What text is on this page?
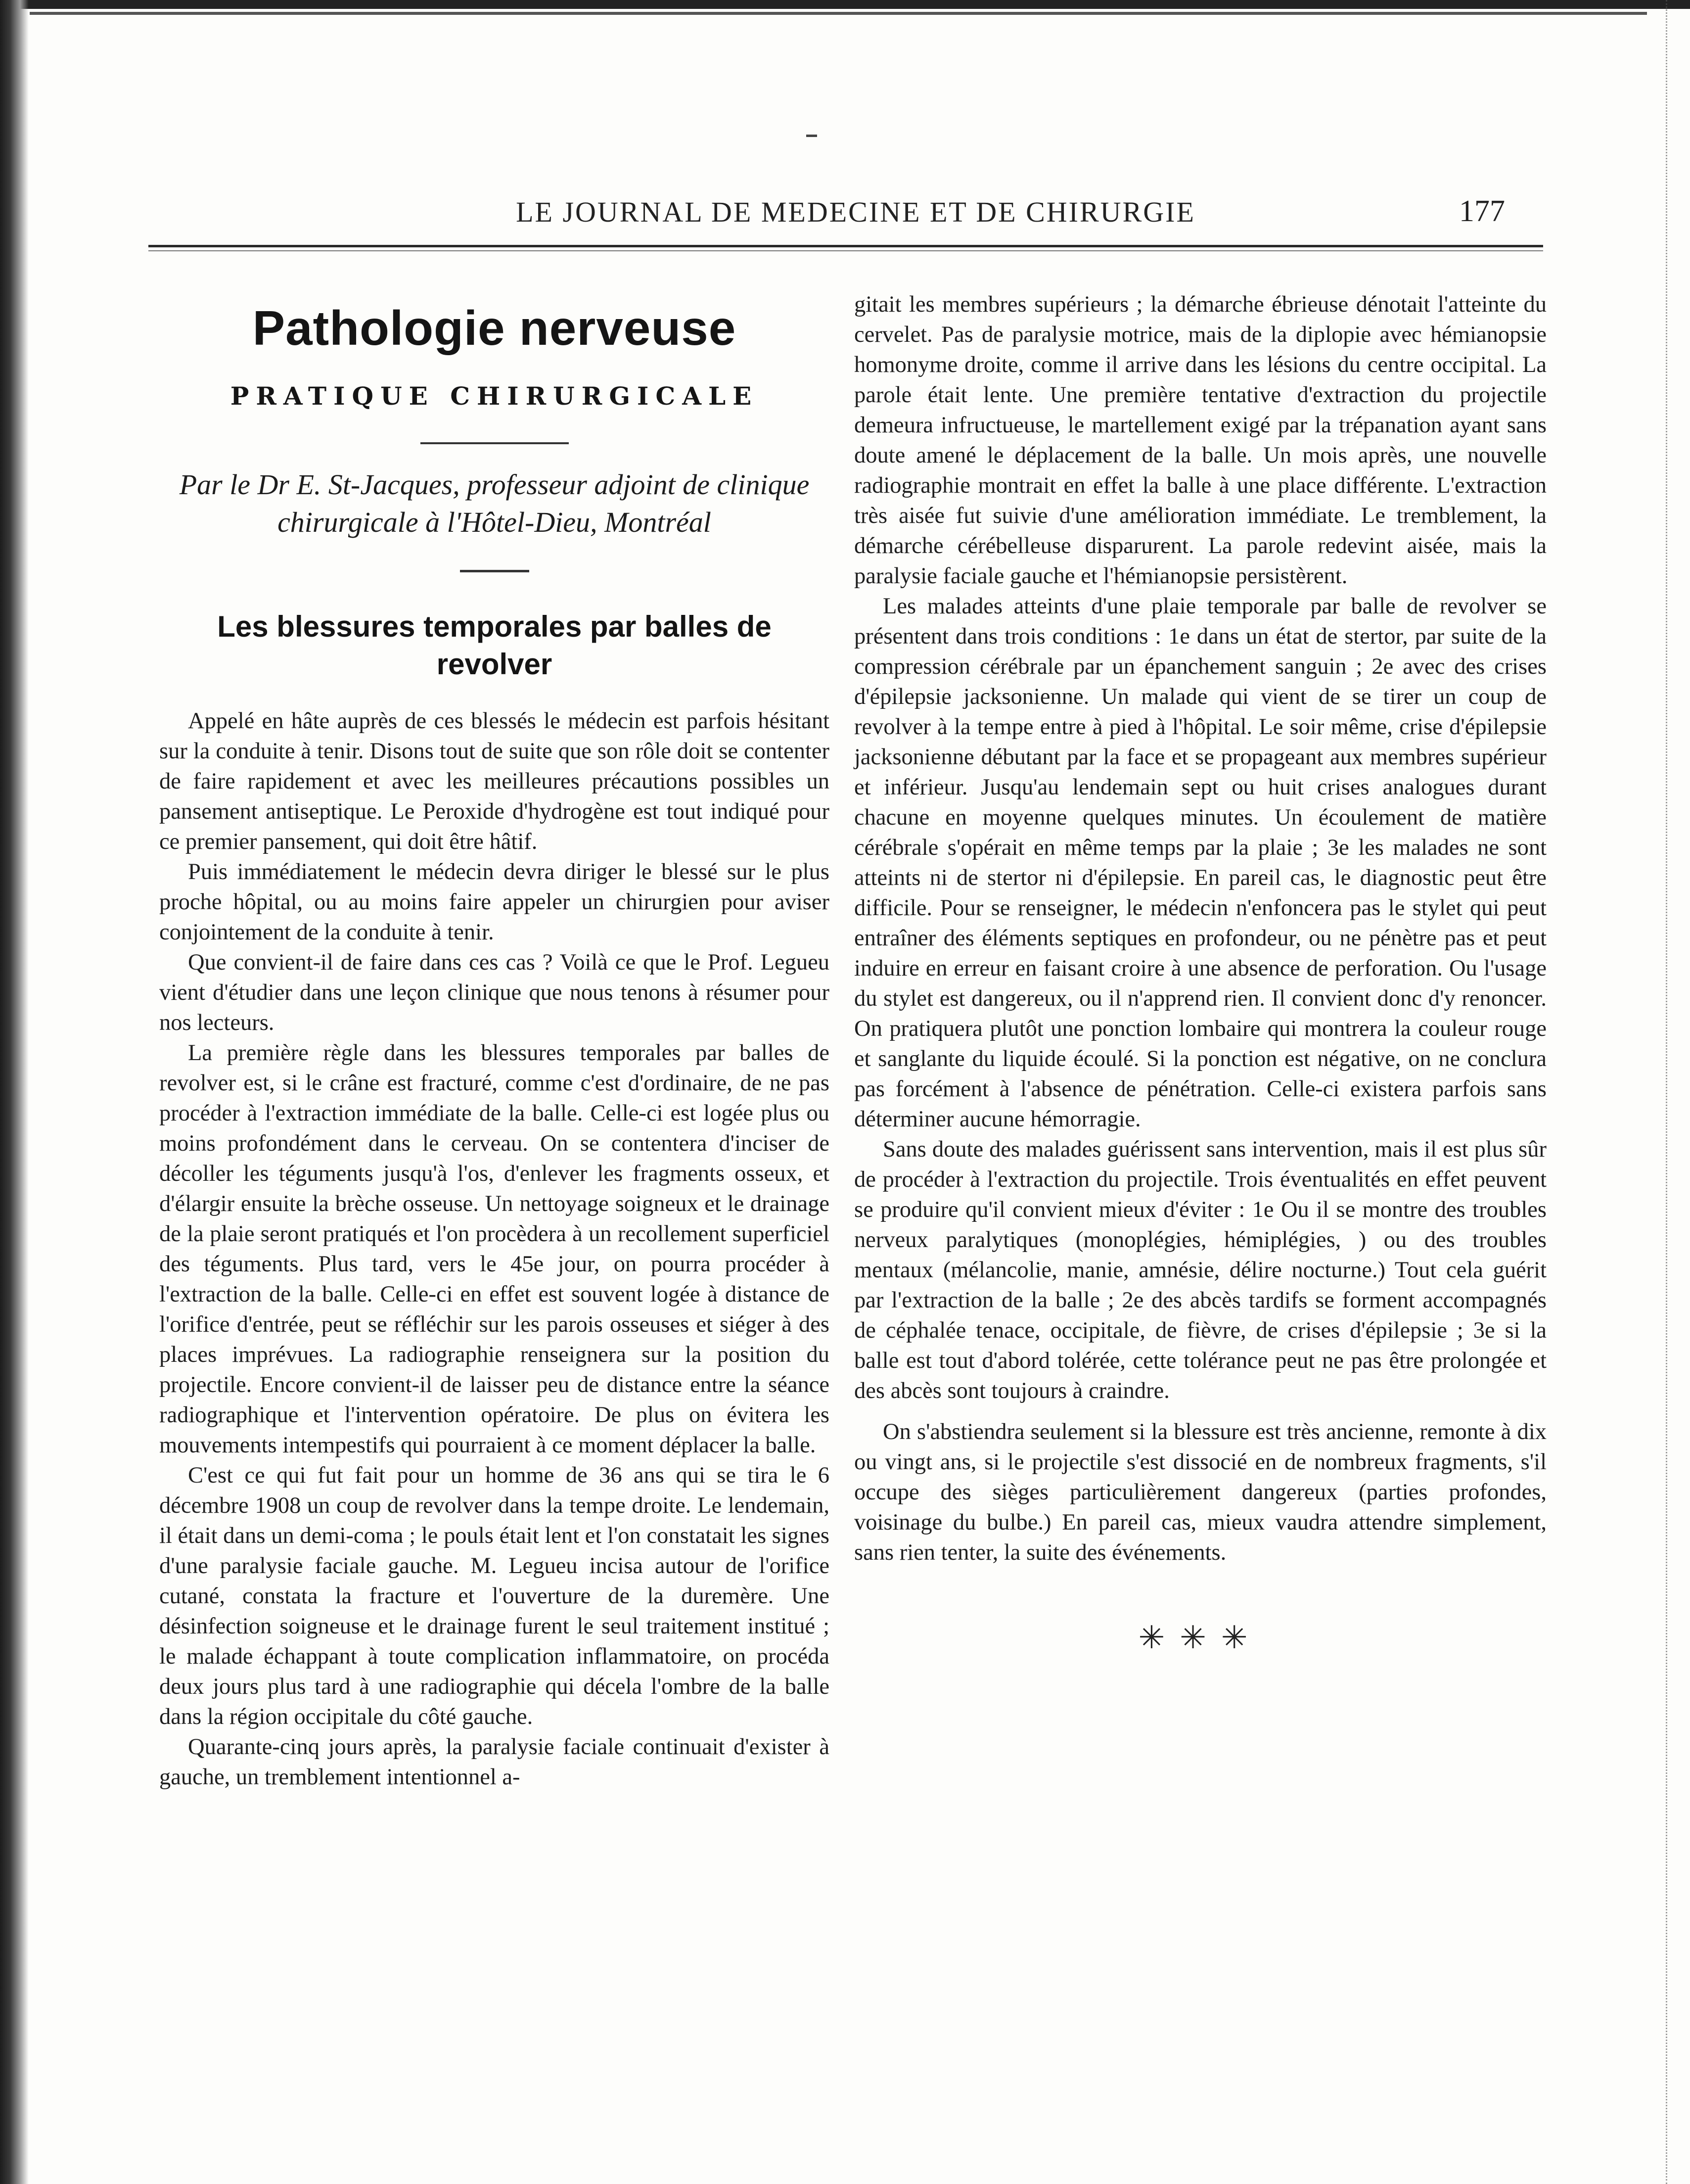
LE JOURNAL DE MEDECINE ET DE CHIRURGIE	177
Pathologie nerveuse
PRATIQUE CHIRURGICALE
Par le Dr E. St-Jacques, professeur adjoint de clinique chirurgicale à l'Hôtel-Dieu, Montréal
Les blessures temporales par balles de revolver

Appelé en hâte auprès de ces blessés le médecin est parfois hésitant sur la conduite à tenir. Disons tout de suite que son rôle doit se contenter de faire rapidement et avec les meilleures précautions possibles un pansement antiseptique. Le Peroxide d'hydrogène est tout indiqué pour ce premier pansement, qui doit être hâtif.

Puis immédiatement le médecin devra diriger le blessé sur le plus proche hôpital, ou au moins faire appeler un chirurgien pour aviser conjointement de la conduite à tenir.

Que convient-il de faire dans ces cas ? Voilà ce que le Prof. Legueu vient d'étudier dans une leçon clinique que nous tenons à résumer pour nos lecteurs.

La première règle dans les blessures temporales par balles de revolver est, si le crâne est fracturé, comme c'est d'ordinaire, de ne pas procéder à l'extraction immédiate de la balle. Celle-ci est logée plus ou moins profondément dans le cerveau. On se contentera d'inciser de décoller les téguments jusqu'à l'os, d'enlever les fragments osseux, et d'élargir ensuite la brèche osseuse. Un nettoyage soigneux et le drainage de la plaie seront pratiqués et l'on procèdera à un recollement superficiel des téguments. Plus tard, vers le 45e jour, on pourra procéder à l'extraction de la balle. Celle-ci en effet est souvent logée à distance de l'orifice d'entrée, peut se réfléchir sur les parois osseuses et siéger à des places imprévues. La radiographie renseignera sur la position du projectile. Encore convient-il de laisser peu de distance entre la séance radiographique et l'intervention opératoire. De plus on évitera les mouvements intempestifs qui pourraient à ce moment déplacer la balle.

C'est ce qui fut fait pour un homme de 36 ans qui se tira le 6 décembre 1908 un coup de revolver dans la tempe droite. Le lendemain, il était dans un demi-coma ; le pouls était lent et l'on constatait les signes d'une paralysie faciale gauche. M. Legueu incisa autour de l'orifice cutané, constata la fracture et l'ouverture de la duremère. Une désinfection soigneuse et le drainage furent le seul traitement institué ; le malade échappant à toute complication inflammatoire, on procéda deux jours plus tard à une radiographie qui décela l'ombre de la balle dans la région occipitale du côté gauche.

Quarante-cinq jours après, la paralysie faciale continuait d'exister à gauche, un tremblement intentionnel a-

gitait les membres supérieurs ; la démarche ébrieuse dénotait l'atteinte du cervelet. Pas de paralysie motrice, mais de la diplopie avec hémianopsie homonyme droite, comme il arrive dans les lésions du centre occipital. La parole était lente. Une première tentative d'extraction du projectile demeura infructueuse, le martellement exigé par la trépanation ayant sans doute amené le déplacement de la balle. Un mois après, une nouvelle radiographie montrait en effet la balle à une place différente. L'extraction très aisée fut suivie d'une amélioration immédiate. Le tremblement, la démarche cérébelleuse disparurent. La parole redevint aisée, mais la paralysie faciale gauche et l'hémianopsie persistèrent.

Les malades atteints d'une plaie temporale par balle de revolver se présentent dans trois conditions : 1e dans un état de stertor, par suite de la compression cérébrale par un épanchement sanguin ; 2e avec des crises d'épilepsie jacksonienne. Un malade qui vient de se tirer un coup de revolver à la tempe entre à pied à l'hôpital. Le soir même, crise d'épilepsie jacksonienne débutant par la face et se propageant aux membres supérieur et inférieur. Jusqu'au lendemain sept ou huit crises analogues durant chacune en moyenne quelques minutes. Un écoulement de matière cérébrale s'opérait en même temps par la plaie ; 3e les malades ne sont atteints ni de stertor ni d'épilepsie. En pareil cas, le diagnostic peut être difficile. Pour se renseigner, le médecin n'enfoncera pas le stylet qui peut entraîner des éléments septiques en profondeur, ou ne pénètre pas et peut induire en erreur en faisant croire à une absence de perforation. Ou l'usage du stylet est dangereux, ou il n'apprend rien. Il convient donc d'y renoncer. On pratiquera plutôt une ponction lombaire qui montrera la couleur rouge et sanglante du liquide écoulé. Si la ponction est négative, on ne conclura pas forcément à l'absence de pénétration. Celle-ci existera parfois sans déterminer aucune hémorragie.

Sans doute des malades guérissent sans intervention, mais il est plus sûr de procéder à l'extraction du projectile. Trois éventualités en effet peuvent se produire qu'il convient mieux d'éviter : 1e Ou il se montre des troubles nerveux paralytiques (monoplégies, hémiplégies, ) ou des troubles mentaux (mélancolie, manie, amnésie, délire nocturne.) Tout cela guérit par l'extraction de la balle ; 2e des abcès tardifs se forment accompagnés de céphalée tenace, occipitale, de fièvre, de crises d'épilepsie ; 3e si la balle est tout d'abord tolérée, cette tolérance peut ne pas être prolongée et des abcès sont toujours à craindre.

On s'abstiendra seulement si la blessure est très ancienne, remonte à dix ou vingt ans, si le projectile s'est dissocié en de nombreux fragments, s'il occupe des sièges particulièrement dangereux (parties profondes, voisinage du bulbe.) En pareil cas, mieux vaudra attendre simplement, sans rien tenter, la suite des événements.

✳✳✳
